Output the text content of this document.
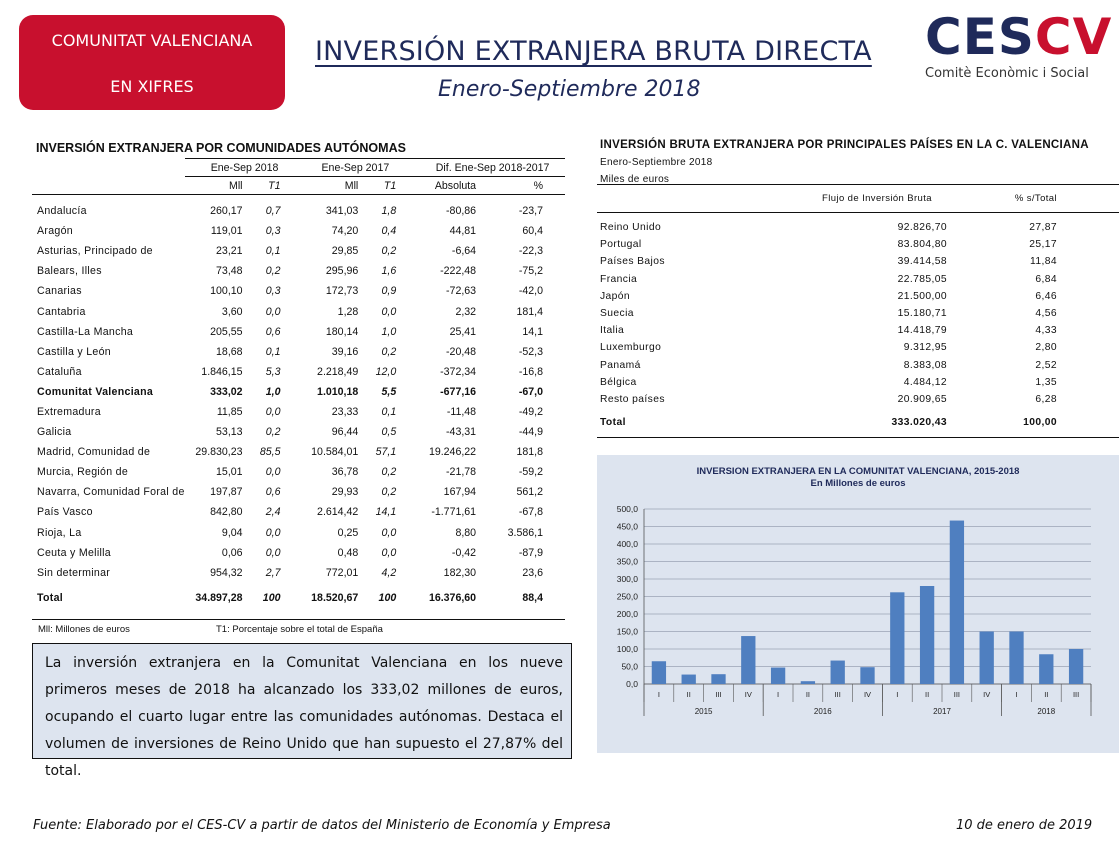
COMUNITAT VALENCIANA
EN XIFRES
INVERSIÓN EXTRANJERA BRUTA DIRECTA
Enero-Septiembre 2018
CESCV
Comitè Econòmic i Social
INVERSIÓN EXTRANJERA POR COMUNIDADES AUTÓNOMAS
	Ene-Sep 2018		Ene-Sep 2017		Dif. Ene-Sep 2018-2017	
	Mll	T1	Mll	T1	Absoluta	%

Andalucía	260,17	0,7	341,03	1,8	-80,86	-23,7
Aragón	119,01	0,3	74,20	0,4	44,81	60,4
Asturias, Principado de	23,21	0,1	29,85	0,2	-6,64	-22,3
Balears, Illes	73,48	0,2	295,96	1,6	-222,48	-75,2
Canarias	100,10	0,3	172,73	0,9	-72,63	-42,0
Cantabria	3,60	0,0	1,28	0,0	2,32	181,4
Castilla-La Mancha	205,55	0,6	180,14	1,0	25,41	14,1
Castilla y León	18,68	0,1	39,16	0,2	-20,48	-52,3
Cataluña	1.846,15	5,3	2.218,49	12,0	-372,34	-16,8
Comunitat Valenciana	333,02	1,0	1.010,18	5,5	-677,16	-67,0
Extremadura	11,85	0,0	23,33	0,1	-11,48	-49,2
Galicia	53,13	0,2	96,44	0,5	-43,31	-44,9
Madrid, Comunidad de	29.830,23	85,5	10.584,01	57,1	19.246,22	181,8
Murcia, Región de	15,01	0,0	36,78	0,2	-21,78	-59,2
Navarra, Comunidad Foral de	197,87	0,6	29,93	0,2	167,94	561,2
País Vasco	842,80	2,4	2.614,42	14,1	-1.771,61	-67,8
Rioja, La	9,04	0,0	0,25	0,0	8,80	3.586,1
Ceuta y Melilla	0,06	0,0	0,48	0,0	-0,42	-87,9
Sin determinar	954,32	2,7	772,01	4,2	182,30	23,6
Total	34.897,28	100	18.520,67	100	16.376,60	88,4
Mll: Millones de euros	T1: Porcentaje sobre el total de España
La inversión extranjera en la Comunitat Valenciana en los nueve primeros meses de 2018 ha alcanzado los 333,02 millones de euros, ocupando el cuarto lugar entre las comunidades autónomas. Destaca el volumen de inversiones de Reino Unido que han supuesto el 27,87% del total.
INVERSIÓN BRUTA EXTRANJERA POR PRINCIPALES PAÍSES EN LA C. VALENCIANA
Enero-Septiembre 2018
Miles de euros
	Flujo de Inversión Bruta	% s/Total	

Reino Unido	92.826,70	27,87	
Portugal	83.804,80	25,17	
Países Bajos	39.414,58	11,84	
Francia	22.785,05	6,84	
Japón	21.500,00	6,46	
Suecia	15.180,71	4,56	
Italia	14.418,79	4,33	
Luxemburgo	9.312,95	2,80	
Panamá	8.383,08	2,52	
Bélgica	4.484,12	1,35	
Resto países	20.909,65	6,28	
Total	333.020,43	100,00	
INVERSION EXTRANJERA EN LA COMUNITAT VALENCIANA, 2015-2018
En Millones de euros
0,0
50,0
100,0
150,0
200,0
250,0
300,0
350,0
400,0
450,0
500,0
I	II	III	IV	I	II	III	IV	I	II	III	IV	I	II	III
2015	2016	2017	2018
Fuente: Elaborado por el CES-CV a partir de datos del Ministerio de Economía y Empresa	10 de enero de 2019
